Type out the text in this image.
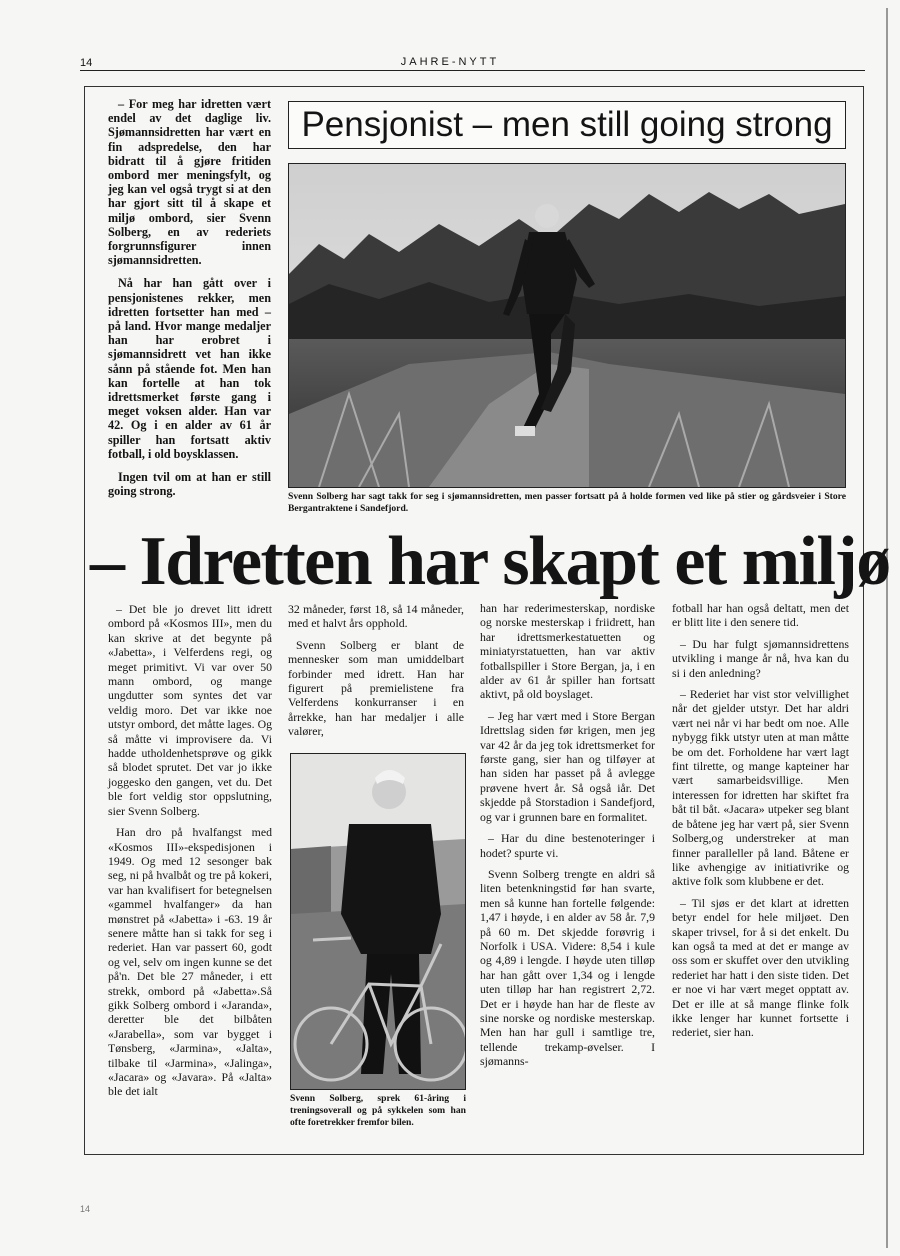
14	JAHRE-NYTT

– For meg har idretten vært endel av det daglige liv. Sjømannsidretten har vært en fin adspredelse, den har bidratt til å gjøre fritiden ombord mer meningsfylt, og jeg kan vel også trygt si at den har gjort sitt til å skape et miljø ombord, sier Svenn Solberg, en av rederiets forgrunnsfigurer innen sjømannsidretten.

Nå har han gått over i pensjonistenes rekker, men idretten fortsetter han med – på land. Hvor mange medaljer han har erobret i sjømannsidrett vet han ikke sånn på stående fot. Men han kan fortelle at han tok idrettsmerket første gang i meget voksen alder. Han var 42. Og i en alder av 61 år spiller han fortsatt aktiv fotball, i old boysklassen.

Ingen tvil om at han er still going strong.

Pensjonist – men still going strong
Svenn Solberg har sagt takk for seg i sjømannsidretten, men passer fortsatt på å holde formen ved like på stier og gårdsveier i Store Bergantraktene i Sandefjord.
– Idretten har skapt et miljø

– Det ble jo drevet litt idrett ombord på «Kosmos III», men du kan skrive at det begynte på «Jabetta», i Velferdens regi, og meget primitivt. Vi var over 50 mann ombord, og mange ungdutter som syntes det var veldig moro. Det var ikke noe utstyr ombord, det måtte lages. Og så måtte vi improvisere da. Vi hadde utholdenhetsprøve og gikk så blodet sprutet. Det var jo ikke joggesko den gangen, vet du. Det ble fort veldig stor oppslutning, sier Svenn Solberg.

Han dro på hvalfangst med «Kosmos III»-ekspedisjonen i 1949. Og med 12 sesonger bak seg, ni på hvalbåt og tre på kokeri, var han kvalifisert for betegnelsen «gammel hvalfanger» da han mønstret på «Jabetta» i -63. 19 år senere måtte han si takk for seg i rederiet. Han var passert 60, godt og vel, selv om ingen kunne se det på'n. Det ble 27 måneder, i ett strekk, ombord på «Jabetta».Så gikk Solberg ombord i «Jaranda», deretter ble det bilbåten «Jarabella», som var bygget i Tønsberg, «Jarmina», «Jalta», tilbake til «Jarmina», «Jalinga», «Jacara» og «Javara». På «Jalta» ble det ialt

32 måneder, først 18, så 14 måneder, med et halvt års opphold.

Svenn Solberg er blant de mennesker som man umiddelbart forbinder med idrett. Han har figurert på premielistene fra Velferdens konkurranser i en årrekke, han har medaljer i alle valører,

Svenn Solberg, sprek 61-åring i treningsoverall og på sykkelen som han ofte foretrekker fremfor bilen.

han har rederimesterskap, nordiske og norske mesterskap i friidrett, han har idrettsmerkestatuetten og miniatyrstatuetten, han var aktiv fotballspiller i Store Bergan, ja, i en alder av 61 år spiller han fortsatt aktivt, på old boyslaget.

– Jeg har vært med i Store Bergan Idrettslag siden før krigen, men jeg var 42 år da jeg tok idrettsmerket for første gang, sier han og tilføyer at han siden har passet på å avlegge prøvene hvert år. Så også iår. Det skjedde på Storstadion i Sandefjord, og var i grunnen bare en formalitet.

– Har du dine bestenoteringer i hodet? spurte vi.

Svenn Solberg trengte en aldri så liten betenkningstid før han svarte, men så kunne han fortelle følgende: 1,47 i høyde, i en alder av 58 år. 7,9 på 60 m. Det skjedde forøvrig i Norfolk i USA. Videre: 8,54 i kule og 4,89 i lengde. I høyde uten tilløp har han gått over 1,34 og i lengde uten tilløp har han registrert 2,72. Det er i høyde han har de fleste av sine norske og nordiske mesterskap. Men han har gull i samtlige tre, tellende trekamp-øvelser. I sjømanns-

fotball har han også deltatt, men det er blitt lite i den senere tid.

– Du har fulgt sjømannsidrettens utvikling i mange år nå, hva kan du si i den anledning?

– Rederiet har vist stor velvillighet når det gjelder utstyr. Det har aldri vært nei når vi har bedt om noe. Alle nybygg fikk utstyr uten at man måtte be om det. Forholdene har vært lagt fint tilrette, og mange kapteiner har vært samarbeidsvillige. Men interessen for idretten har skiftet fra båt til båt. «Jacara» utpeker seg blant de båtene jeg har vært på, sier Svenn Solberg,og understreker at man finner paralleller på land. Båtene er like avhengige av initiativrike og aktive folk som klubbene er det.

– Til sjøs er det klart at idretten betyr endel for hele miljøet. Den skaper trivsel, for å si det enkelt. Du kan også ta med at det er mange av oss som er skuffet over den utvikling rederiet har hatt i den siste tiden. Det er noe vi har vært meget opptatt av. Det er ille at så mange flinke folk ikke lenger har kunnet fortsette i rederiet, sier han.

14
